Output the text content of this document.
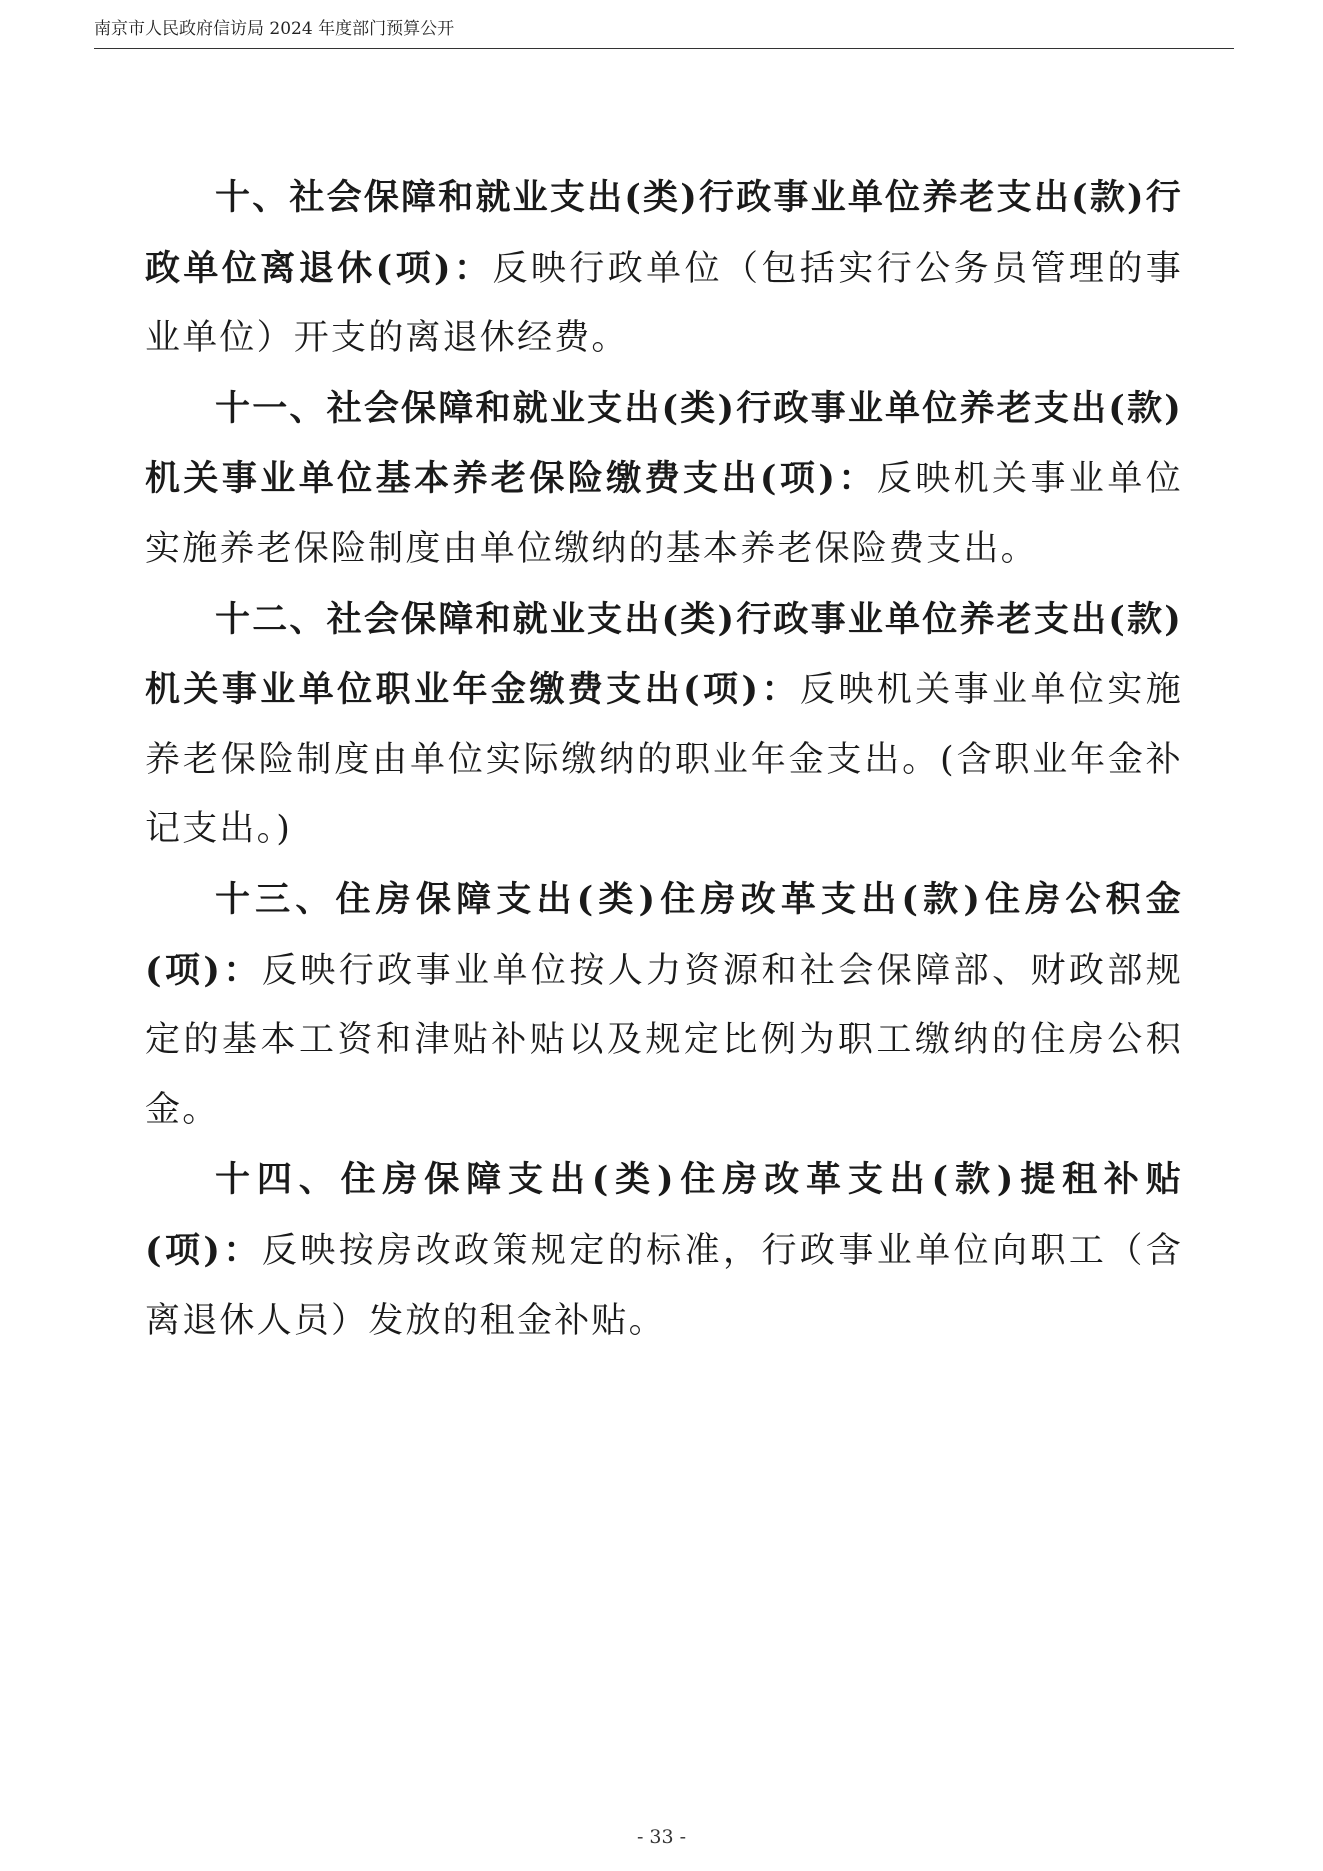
南京市人民政府信访局 2024 年度部门预算公开

十、社会保障和就业支出(类)行政事业单位养老支出(款)行政单位离退休(项)：反映行政单位（包括实行公务员管理的事业单位）开支的离退休经费。

十一、社会保障和就业支出(类)行政事业单位养老支出(款)机关事业单位基本养老保险缴费支出(项)：反映机关事业单位实施养老保险制度由单位缴纳的基本养老保险费支出。

十二、社会保障和就业支出(类)行政事业单位养老支出(款)机关事业单位职业年金缴费支出(项)：反映机关事业单位实施养老保险制度由单位实际缴纳的职业年金支出。(含职业年金补记支出。)

十三、住房保障支出(类)住房改革支出(款)住房公积金(项)：反映行政事业单位按人力资源和社会保障部、财政部规定的基本工资和津贴补贴以及规定比例为职工缴纳的住房公积金。

十四、住房保障支出(类)住房改革支出(款)提租补贴(项)：反映按房改政策规定的标准，行政事业单位向职工（含离退休人员）发放的租金补贴。

- 33 -
